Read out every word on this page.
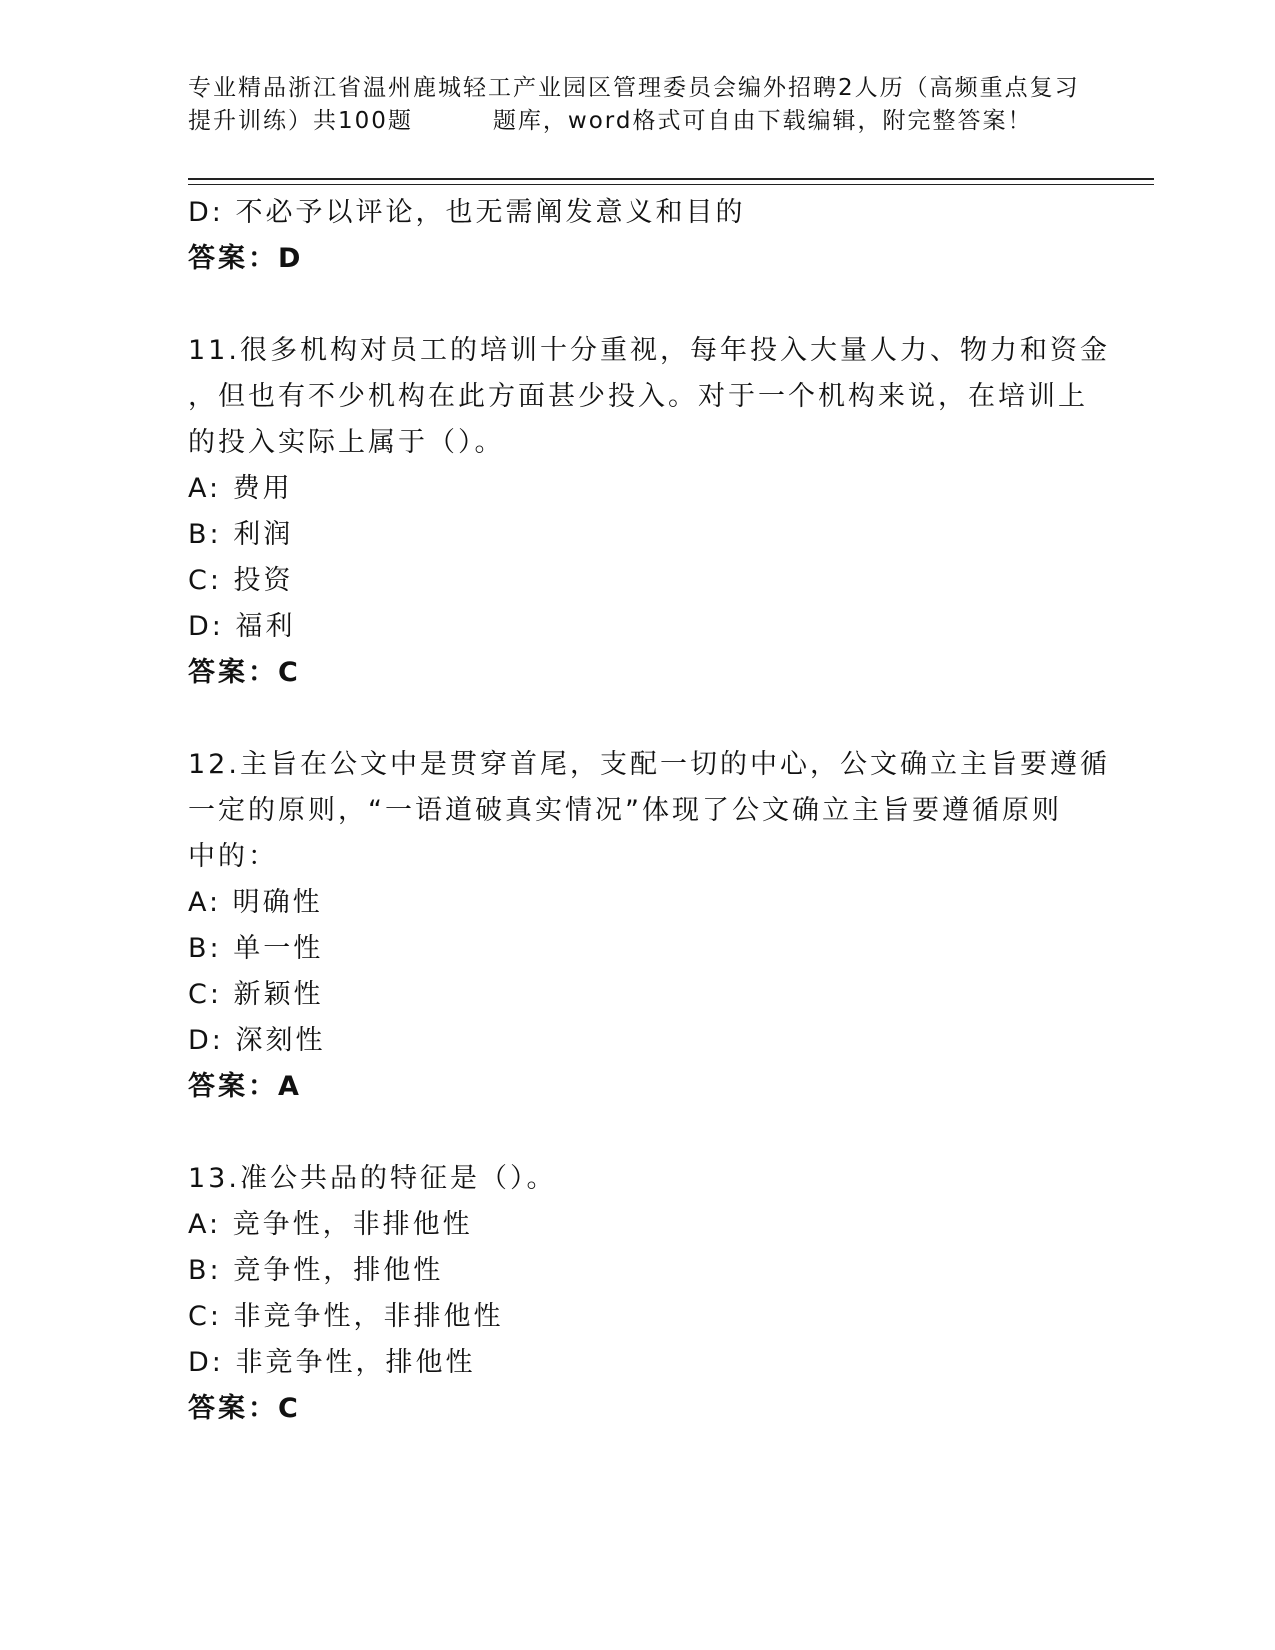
专业精品浙江省温州鹿城轻工产业园区管理委员会编外招聘2人历（高频重点复习
提升训练）共100题	题库，word格式可自由下载编辑，附完整答案！
D: 不必予以评论，也无需阐发意义和目的
答案：D
11.很多机构对员工的培训十分重视，每年投入大量人力、物力和资金
，但也有不少机构在此方面甚少投入。对于一个机构来说，在培训上
的投入实际上属于（）。
A: 费用
B: 利润
C: 投资
D: 福利
答案：C
12.主旨在公文中是贯穿首尾，支配一切的中心，公文确立主旨要遵循
一定的原则，“一语道破真实情况”体现了公文确立主旨要遵循原则
中的：
A: 明确性
B: 单一性
C: 新颖性
D: 深刻性
答案：A
13.准公共品的特征是（）。
A: 竞争性，非排他性
B: 竞争性，排他性
C: 非竞争性，非排他性
D: 非竞争性，排他性
答案：C
